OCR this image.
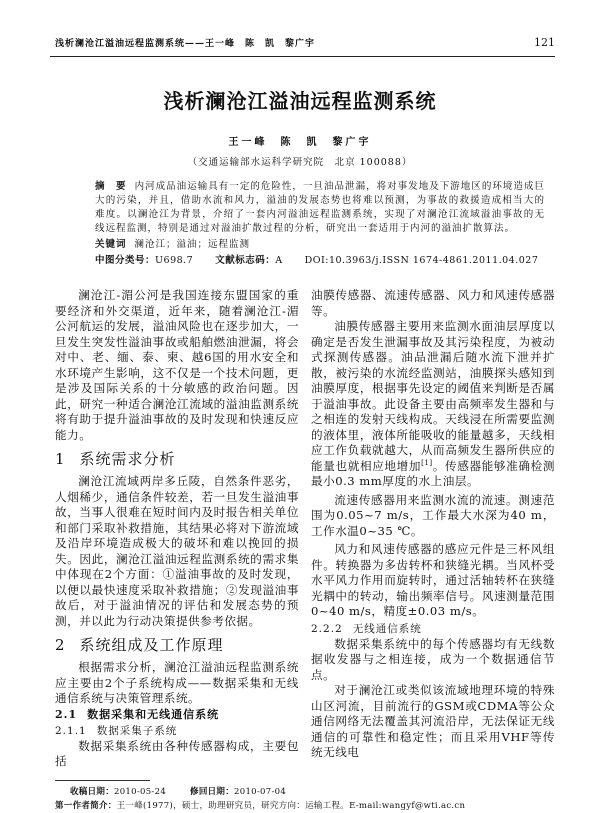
浅析澜沧江溢油远程监测系统——王一峰　陈　凯　黎广宇	121
浅析澜沧江溢油远程监测系统
王一峰　陈　凯　黎广宇
（交通运输部水运科学研究院　北京 100088）
摘　要 内河成品油运输具有一定的危险性，一旦油品泄漏，将对事发地及下游地区的环境造成巨大的污染，并且，借助水流和风力，溢油的发展态势也将难以预测，为事故的救援造成相当大的难度。以澜沧江为背景，介绍了一套内河溢油远程监测系统，实现了对澜沧江流域溢油事故的无线远程监测，特别是通过对溢油扩散过程的分析，研究出一套适用于内河的溢油扩散算法。
关键词 澜沧江；溢油；远程监测
中图分类号：U698.7 文献标志码：A DOI:10.3963/j.ISSN 1674-4861.2011.04.027

澜沧江-湄公河是我国连接东盟国家的重要经济和外交渠道，近年来，随着澜沧江-湄公河航运的发展，溢油风险也在逐步加大，一旦发生突发性溢油事故或船舶燃油泄漏，将会对中、老、缅、泰、柬、越6国的用水安全和水环境产生影响，这不仅是一个技术问题，更是涉及国际关系的十分敏感的政治问题。因此，研究一种适合澜沧江流域的溢油监测系统将有助于提升溢油事故的及时发现和快速反应能力。

1 系统需求分析

澜沧江流域两岸多丘陵，自然条件恶劣，人烟稀少，通信条件较差，若一旦发生溢油事故，当事人很难在短时间内及时报告相关单位和部门采取补救措施，其结果必将对下游流域及沿岸环境造成极大的破坏和难以挽回的损失。因此，澜沧江溢油远程监测系统的需求集中体现在2个方面：①溢油事故的及时发现，以便以最快速度采取补救措施；②发现溢油事故后，对于溢油情况的评估和发展态势的预测，并以此为行动决策提供参考依据。

2 系统组成及工作原理

根据需求分析，澜沧江溢油远程监测系统应主要由2个子系统构成——数据采集和无线通信系统与决策管理系统。

2.1 数据采集和无线通信系统
2.1.1 数据采集子系统

数据采集系统由各种传感器构成，主要包括

油膜传感器、流速传感器、风力和风速传感器等。

油膜传感器主要用来监测水面油层厚度以确定是否发生泄漏事故及其污染程度，为被动式探测传感器。油品泄漏后随水流下泄并扩散，被污染的水流经监测站，油膜探头感知到油膜厚度，根据事先设定的阈值来判断是否属于溢油事故。此设备主要由高频率发生器和与之相连的发射天线构成。天线浸在所需要监测的液体里，液体所能吸收的能量越多，天线相应工作负载就越大，从而高频发生器所供应的能量也就相应地增加[1]。传感器能够准确检测最小0.3 mm厚度的水上油层。

流速传感器用来监测水流的流速。测速范围为0.05~7 m/s，工作最大水深为40 m，工作水温0~35 ℃。

风力和风速传感器的感应元件是三杯风组件。转换器为多齿转杯和狭缝光耦。当风杯受水平风力作用而旋转时，通过活轴转杯在狭缝光耦中的转动，输出频率信号。风速测量范围0~40 m/s，精度±0.03 m/s。

2.2.2 无线通信系统

数据采集系统中的每个传感器均有无线数据收发器与之相连接，成为一个数据通信节点。

对于澜沧江或类似该流域地理环境的特殊山区河流，目前流行的GSM或CDMA等公众通信网络无法覆盖其河流沿岸，无法保证无线通信的可靠性和稳定性；而且采用VHF等传统无线电

收稿日期：2010-05-24	修回日期：2010-07-04
第一作者简介：王一峰(1977)，硕士，助理研究员，研究方向：运输工程。E-mail:wangyf@wti.ac.cn
